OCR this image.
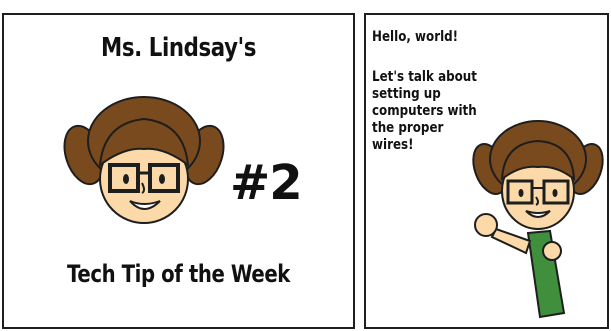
Ms. Lindsay's
#2
Tech Tip of the Week
Hello, world!
Let's talk about
setting up
computers with
the proper
wires!
